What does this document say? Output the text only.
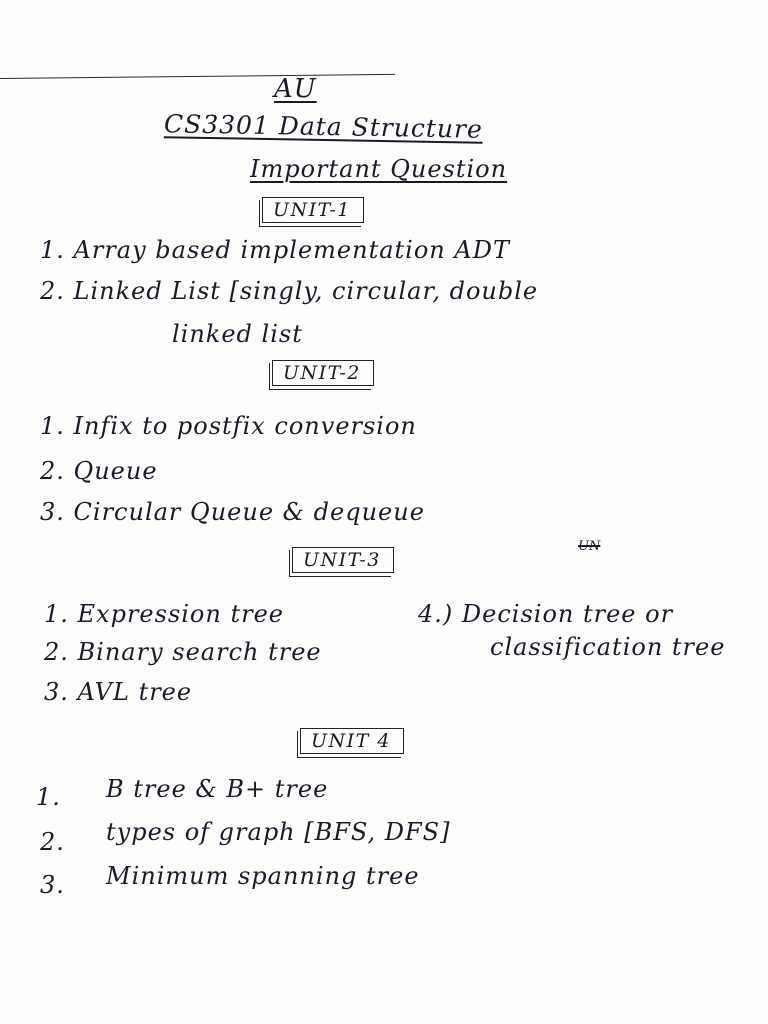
AU
CS3301 Data Structure
Important Question
UNIT-1
1. Array based implementation ADT
2. Linked List [singly, circular, double
linked list
UNIT-2
1. Infix to postfix conversion
2. Queue
3. Circular Queue & dequeue
UNIT-3
UN
1. Expression tree
2. Binary search tree
3. AVL tree
4.) Decision tree or
classification tree
UNIT 4
1. B tree & B+ tree
2. types of graph [BFS, DFS]
3. Minimum spanning tree
